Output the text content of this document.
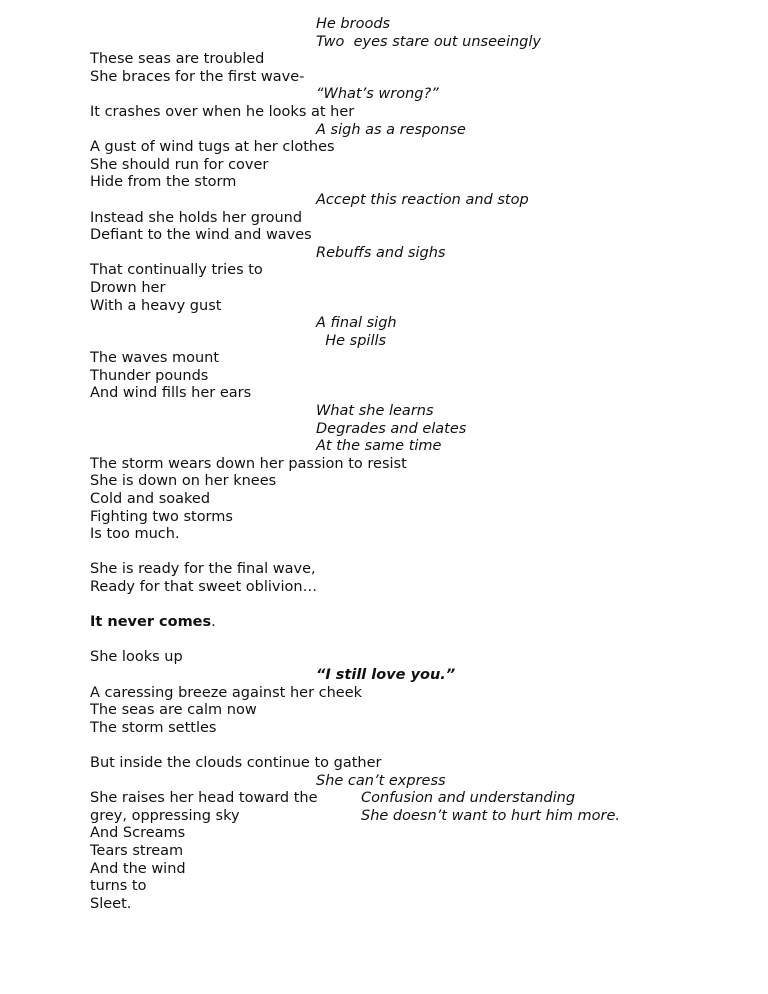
He broods
Two  eyes stare out unseeingly
These seas are troubled
She braces for the first wave-
“What’s wrong?”
It crashes over when he looks at her
A sigh as a response
A gust of wind tugs at her clothes
She should run for cover
Hide from the storm
Accept this reaction and stop
Instead she holds her ground
Defiant to the wind and waves
Rebuffs and sighs
That continually tries to
Drown her
With a heavy gust
A final sigh
He spills
The waves mount
Thunder pounds
And wind fills her ears
What she learns
Degrades and elates
At the same time
The storm wears down her passion to resist
She is down on her knees
Cold and soaked
Fighting two storms
Is too much.
She is ready for the final wave,
Ready for that sweet oblivion…
It never comes.
She looks up
“I still love you.”
A caressing breeze against her cheek
The seas are calm now
The storm settles
But inside the clouds continue to gather
She can’t express
She raises her head toward the	Confusion and understanding
grey, oppressing sky	She doesn’t want to hurt him more.
And Screams
Tears stream
And the wind
turns to
Sleet.
